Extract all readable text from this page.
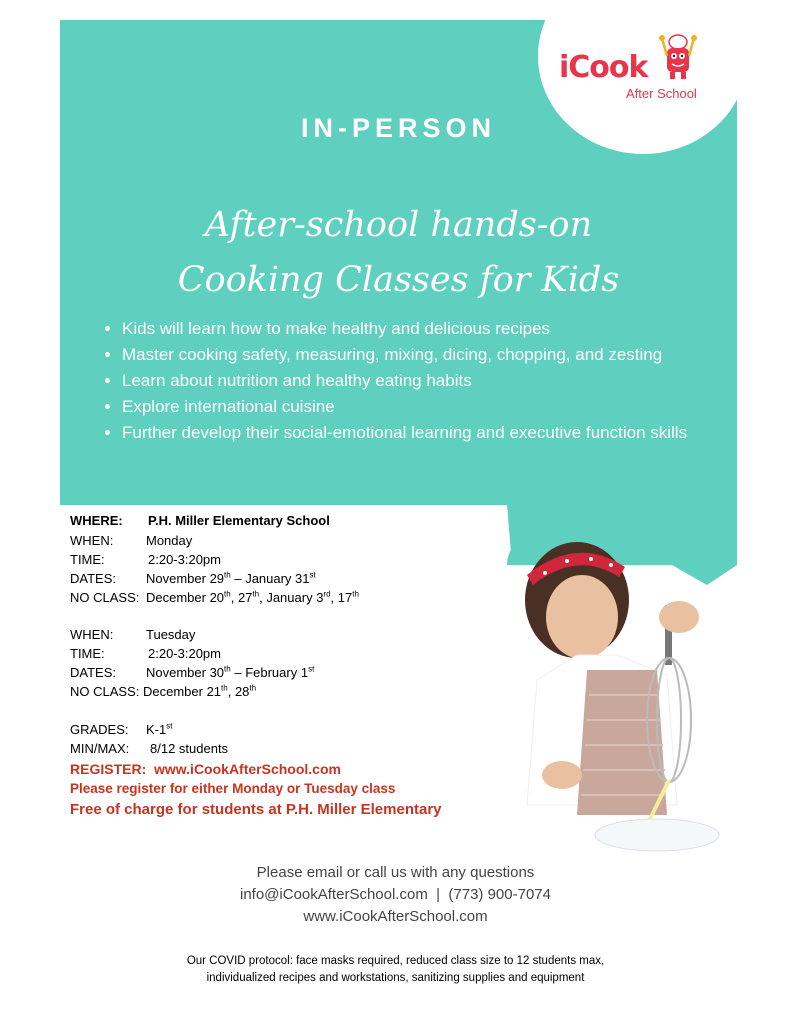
iCook
After School
IN-PERSON
After-school hands-on
Cooking Classes for Kids
• Kids will learn how to make healthy and delicious recipes
• Master cooking safety, measuring, mixing, dicing, chopping, and zesting
• Learn about nutrition and healthy eating habits
• Explore international cuisine
• Further develop their social-emotional learning and executive function skills
WHERE: P.H. Miller Elementary School
WHEN:	Monday
TIME:	2:20-3:20pm
DATES: November 29th – January 31st
NO CLASS: December 20th, 27th, January 3rd, 17th
WHEN:	Tuesday
TIME:	2:20-3:20pm
DATES: November 30th – February 1st
NO CLASS: December 21th, 28th
GRADES: K-1st
MIN/MAX: 8/12 students
REGISTER: www.iCookAfterSchool.com
Please register for either Monday or Tuesday class
Free of charge for students at P.H. Miller Elementary
Please email or call us with any questions
info@iCookAfterSchool.com | (773) 900-7074
www.iCookAfterSchool.com
Our COVID protocol: face masks required, reduced class size to 12 students max,
individualized recipes and workstations, sanitizing supplies and equipment
